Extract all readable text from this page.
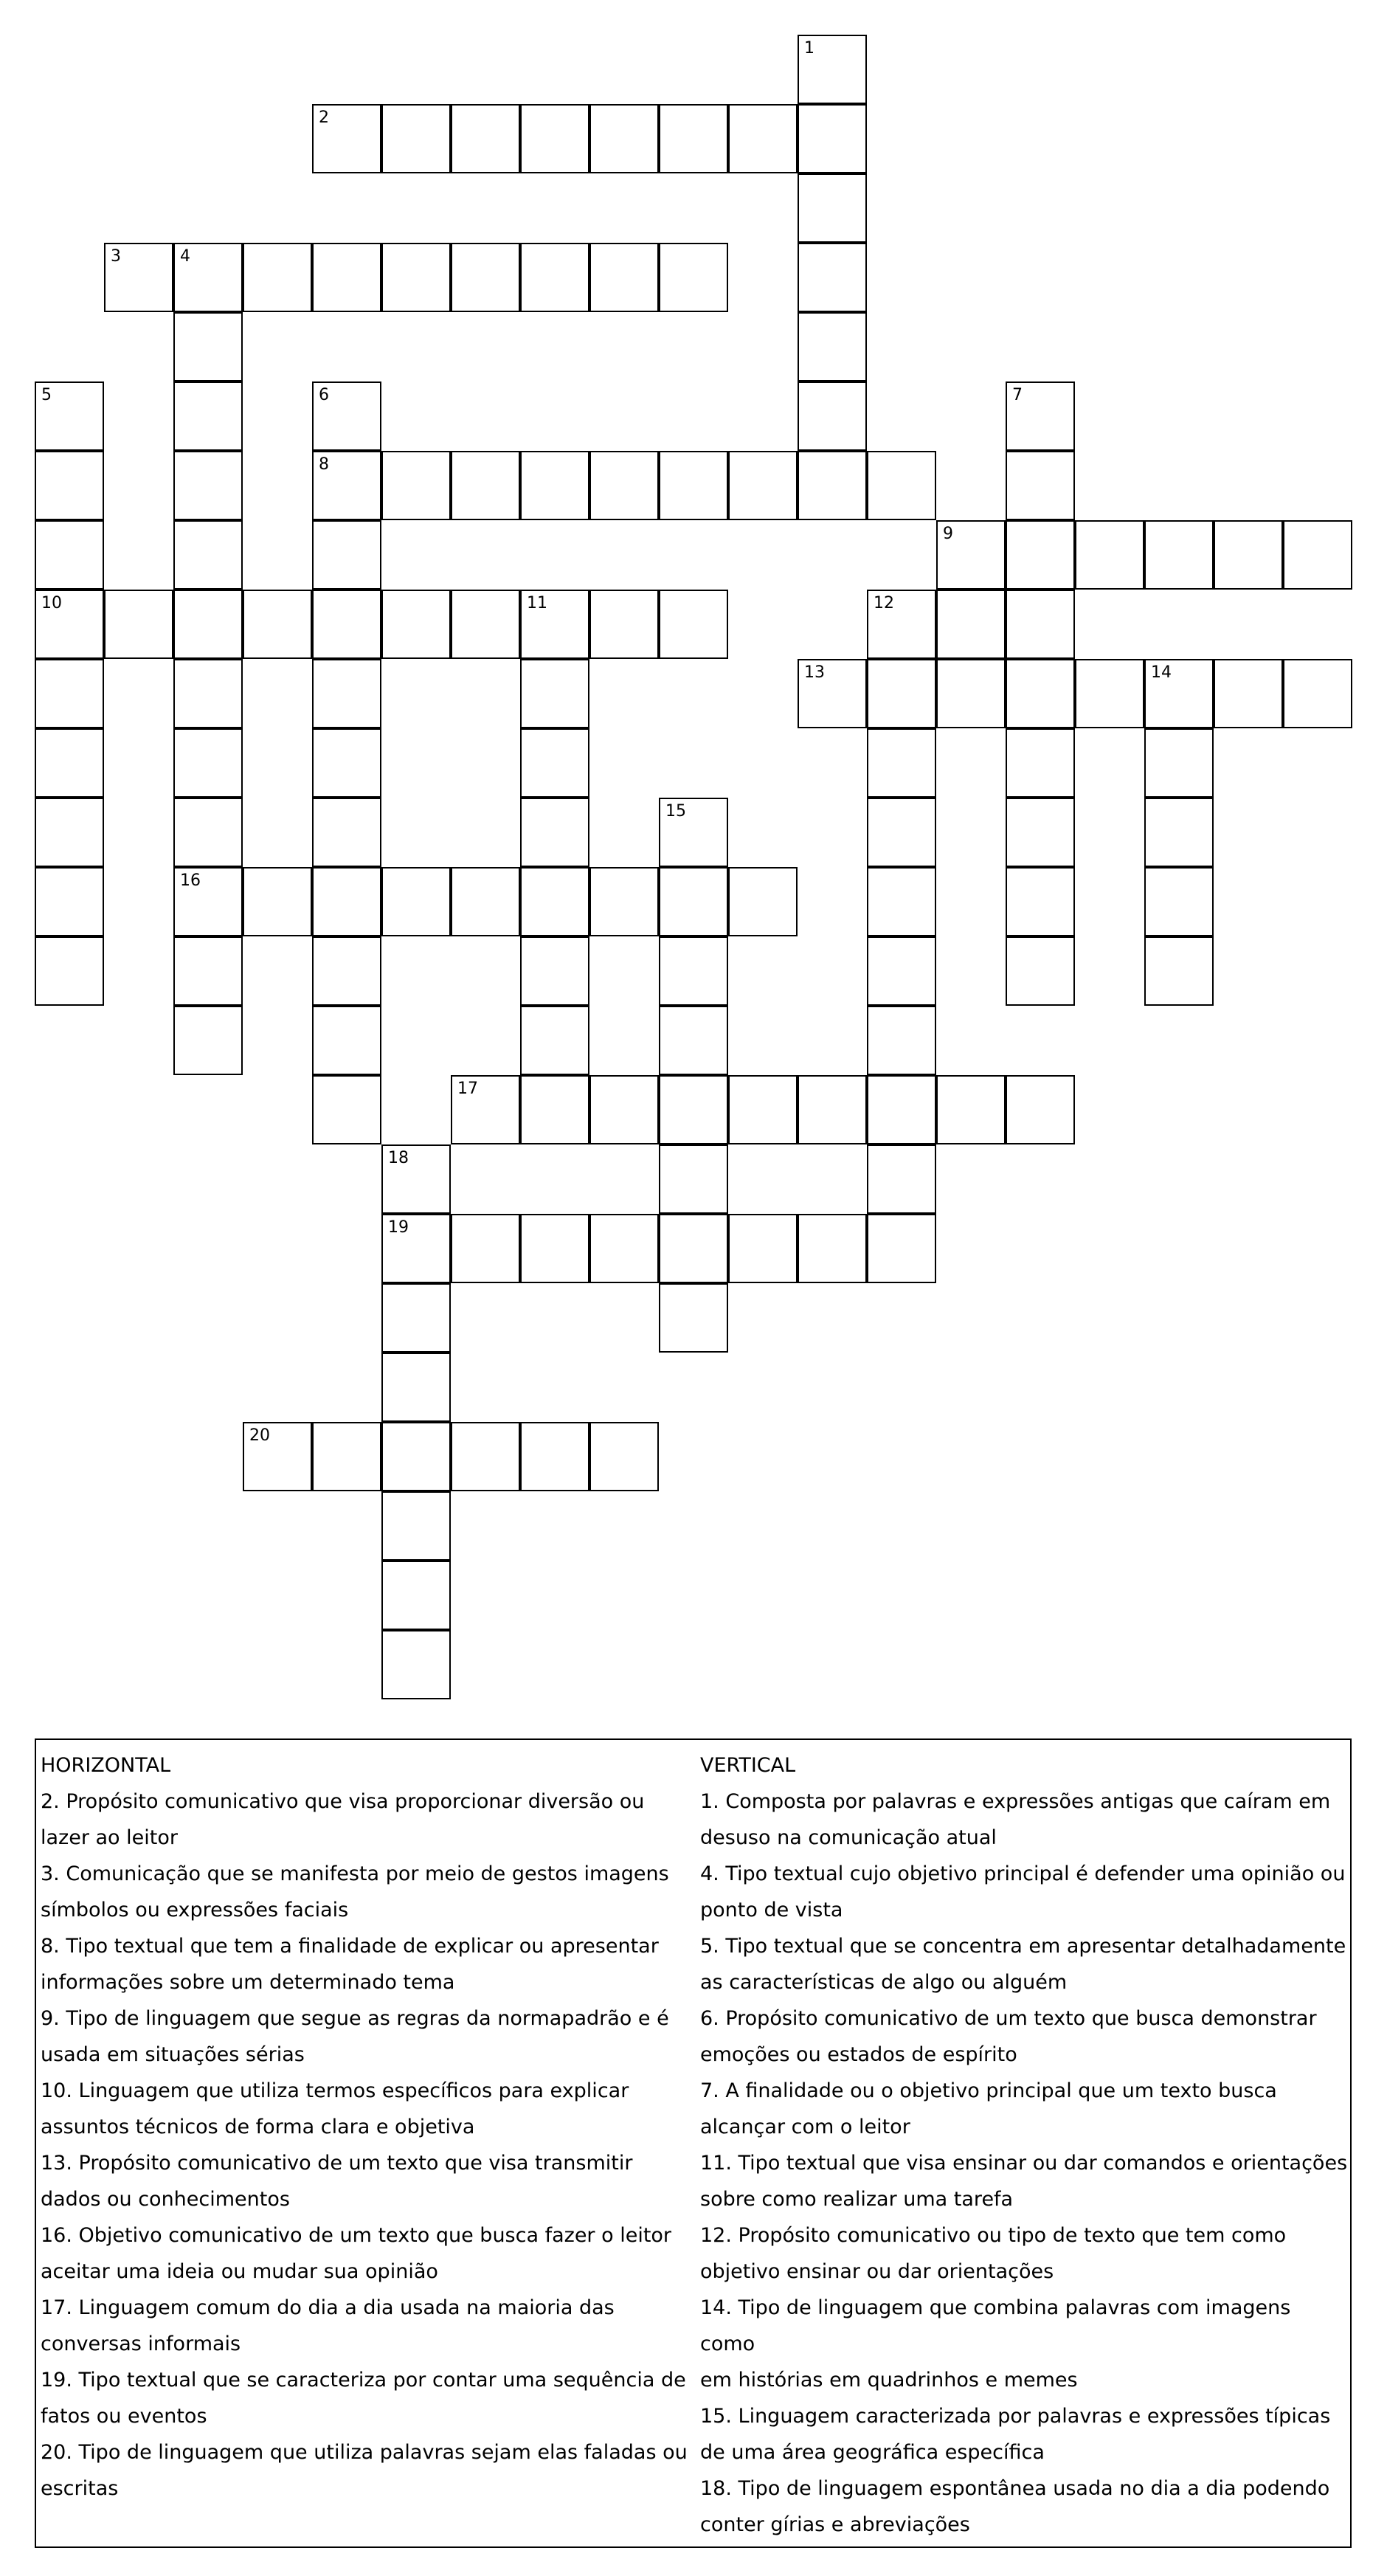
1
2
3	4
5	6	7
8
9
10	11	12
13	14
15
16
17
18
19
20
HORIZONTAL
2. Propósito comunicativo que visa proporcionar diversão ou
lazer ao leitor
3. Comunicação que se manifesta por meio de gestos imagens
símbolos ou expressões faciais
8. Tipo textual que tem a finalidade de explicar ou apresentar
informações sobre um determinado tema
9. Tipo de linguagem que segue as regras da normapadrão e é
usada em situações sérias
10. Linguagem que utiliza termos específicos para explicar
assuntos técnicos de forma clara e objetiva
13. Propósito comunicativo de um texto que visa transmitir
dados ou conhecimentos
16. Objetivo comunicativo de um texto que busca fazer o leitor
aceitar uma ideia ou mudar sua opinião
17. Linguagem comum do dia a dia usada na maioria das
conversas informais
19. Tipo textual que se caracteriza por contar uma sequência de
fatos ou eventos
20. Tipo de linguagem que utiliza palavras sejam elas faladas ou
escritas
VERTICAL
1. Composta por palavras e expressões antigas que caíram em
desuso na comunicação atual
4. Tipo textual cujo objetivo principal é defender uma opinião ou
ponto de vista
5. Tipo textual que se concentra em apresentar detalhadamente
as características de algo ou alguém
6. Propósito comunicativo de um texto que busca demonstrar
emoções ou estados de espírito
7. A finalidade ou o objetivo principal que um texto busca
alcançar com o leitor
11. Tipo textual que visa ensinar ou dar comandos e orientações
sobre como realizar uma tarefa
12. Propósito comunicativo ou tipo de texto que tem como
objetivo ensinar ou dar orientações
14. Tipo de linguagem que combina palavras com imagens como
em histórias em quadrinhos e memes
15. Linguagem caracterizada por palavras e expressões típicas
de uma área geográfica específica
18. Tipo de linguagem espontânea usada no dia a dia podendo
conter gírias e abreviações
